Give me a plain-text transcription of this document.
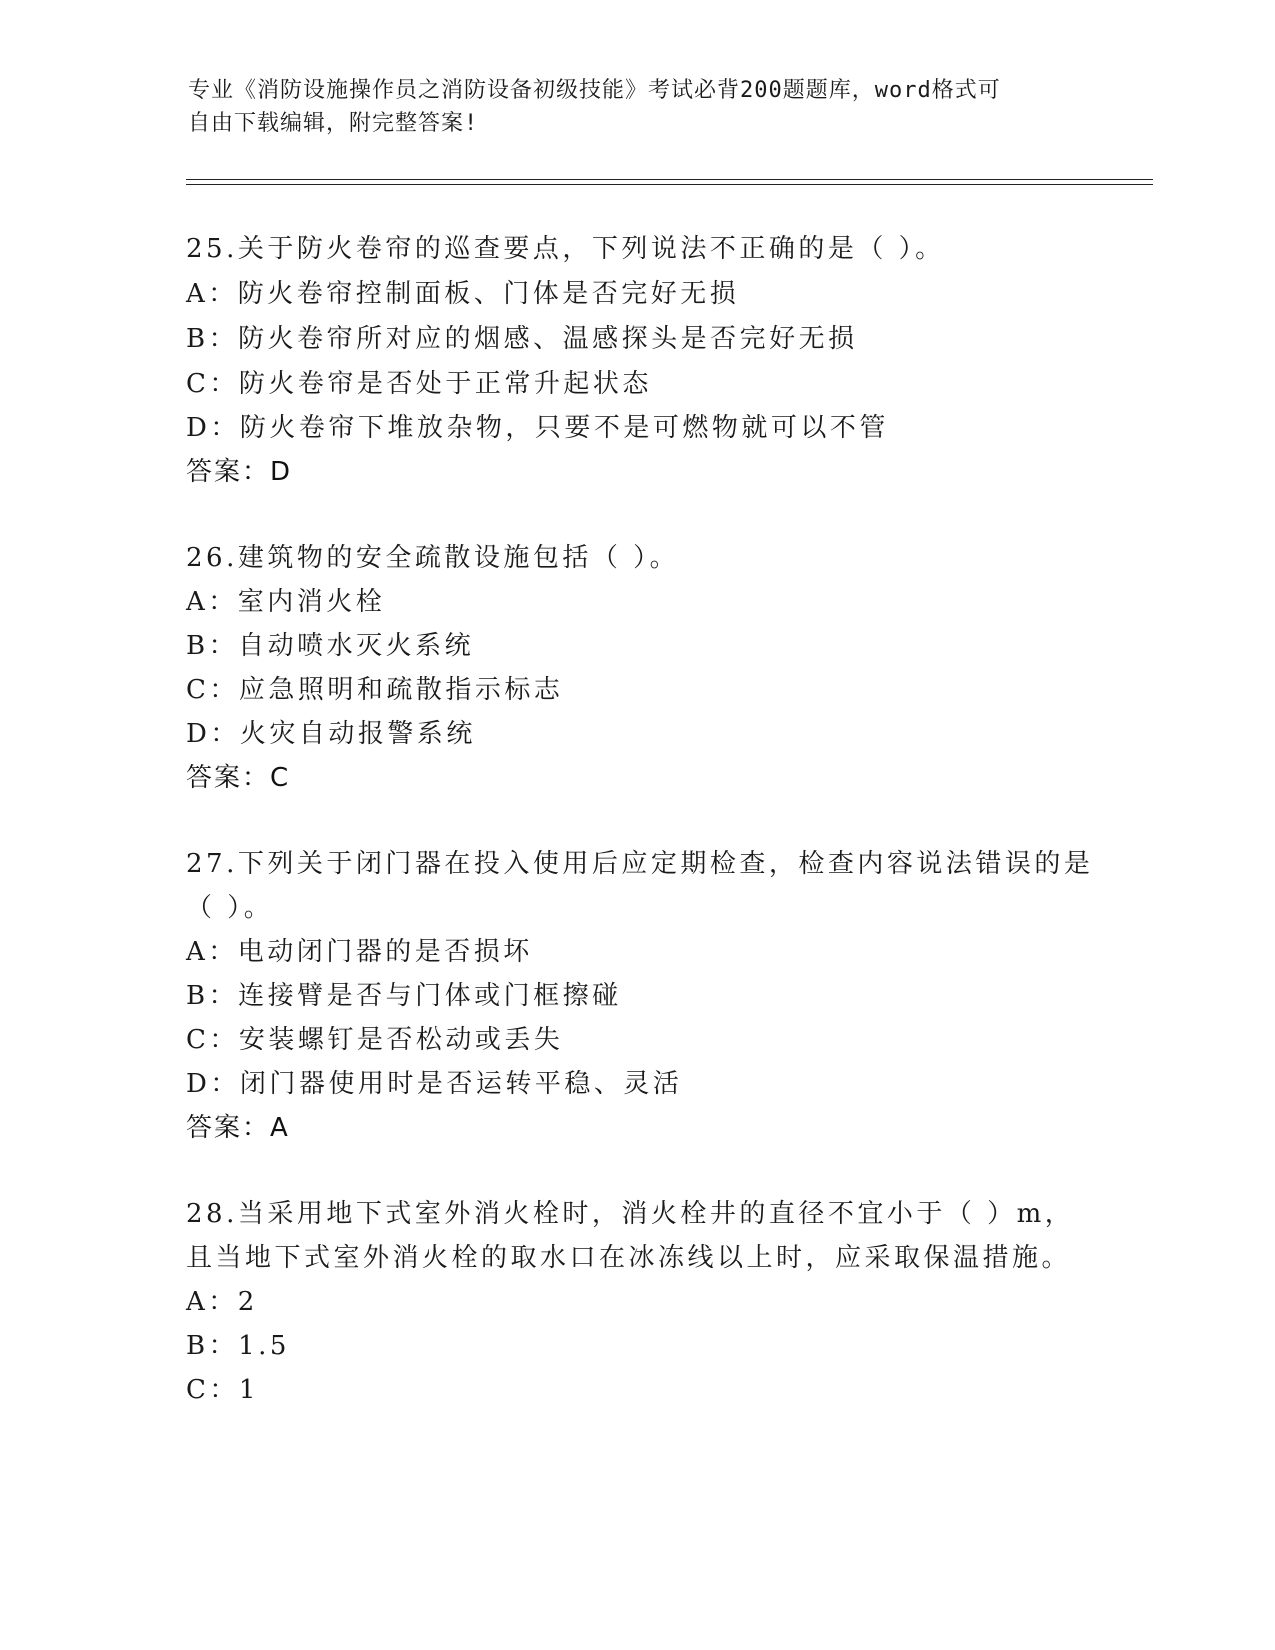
专业《消防设施操作员之消防设备初级技能》考试必背200题题库，word格式可
自由下载编辑，附完整答案!
25.关于防火卷帘的巡查要点，下列说法不正确的是（ ）。
A：防火卷帘控制面板、门体是否完好无损
B：防火卷帘所对应的烟感、温感探头是否完好无损
C：防火卷帘是否处于正常升起状态
D：防火卷帘下堆放杂物，只要不是可燃物就可以不管
答案：D
26.建筑物的安全疏散设施包括（ ）。
A：室内消火栓
B：自动喷水灭火系统
C：应急照明和疏散指示标志
D：火灾自动报警系统
答案：C
27.下列关于闭门器在投入使用后应定期检查，检查内容说法错误的是
（ ）。
A：电动闭门器的是否损坏
B：连接臂是否与门体或门框擦碰
C：安装螺钉是否松动或丢失
D：闭门器使用时是否运转平稳、灵活
答案：A
28.当采用地下式室外消火栓时，消火栓井的直径不宜小于（ ）m，
且当地下式室外消火栓的取水口在冰冻线以上时，应采取保温措施。
A：2
B：1.5
C：1
